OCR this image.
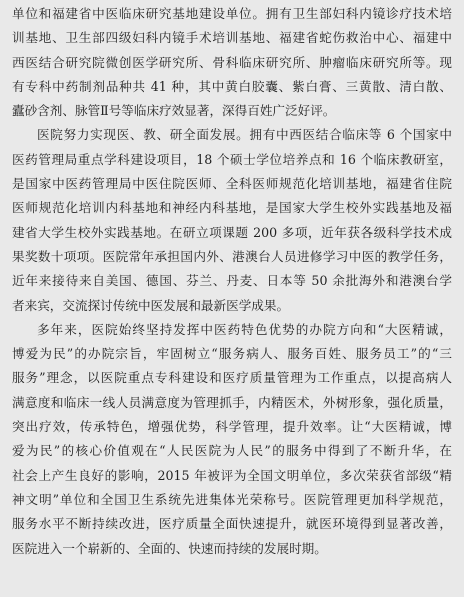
单位和福建省中医临床研究基地建设单位。拥有卫生部妇科内镜诊疗技术培
训基地、卫生部四级妇科内镜手术培训基地、福建省蛇伤救治中心、福建中
西医结合研究院微创医学研究所、骨科临床研究所、肿瘤临床研究所等。现
有专科中药制剂品种共 41 种，其中黄白胶囊、紫白膏、三黄散、清白散、
蠹砂含剂、脉管Ⅱ号等临床疗效显著，深得百姓广泛好评。
医院努力实现医、教、研全面发展。拥有中西医结合临床等 6 个国家中
医药管理局重点学科建设项目，18 个硕士学位培养点和 16 个临床教研室，
是国家中医药管理局中医住院医师、全科医师规范化培训基地，福建省住院
医师规范化培训内科基地和神经内科基地，是国家大学生校外实践基地及福
建省大学生校外实践基地。在研立项课题 200 多项，近年获各级科学技术成
果奖数十项项。医院常年承担国内外、港澳台人员进修学习中医的教学任务，
近年来接待来自美国、德国、芬兰、丹麦、日本等 50 余批海外和港澳台学
者来宾，交流探讨传统中医发展和最新医学成果。
多年来，医院始终坚持发挥中医药特色优势的办院方向和“大医精诚，
博爱为民”的办院宗旨，牢固树立“服务病人、服务百姓、服务员工”的“三
服务”理念，以医院重点专科建设和医疗质量管理为工作重点，以提高病人
满意度和临床一线人员满意度为管理抓手，内精医术，外树形象，强化质量，
突出疗效，传承特色，增强优势，科学管理，提升效率。让“大医精诚，博
爱为民”的核心价值观在“人民医院为人民”的服务中得到了不断升华，在
社会上产生良好的影响，2015 年被评为全国文明单位，多次荣获省部级“精
神文明”单位和全国卫生系统先进集体光荣称号。医院管理更加科学规范，
服务水平不断持续改进，医疗质量全面快速提升，就医环境得到显著改善，
医院进入一个崭新的、全面的、快速而持续的发展时期。
